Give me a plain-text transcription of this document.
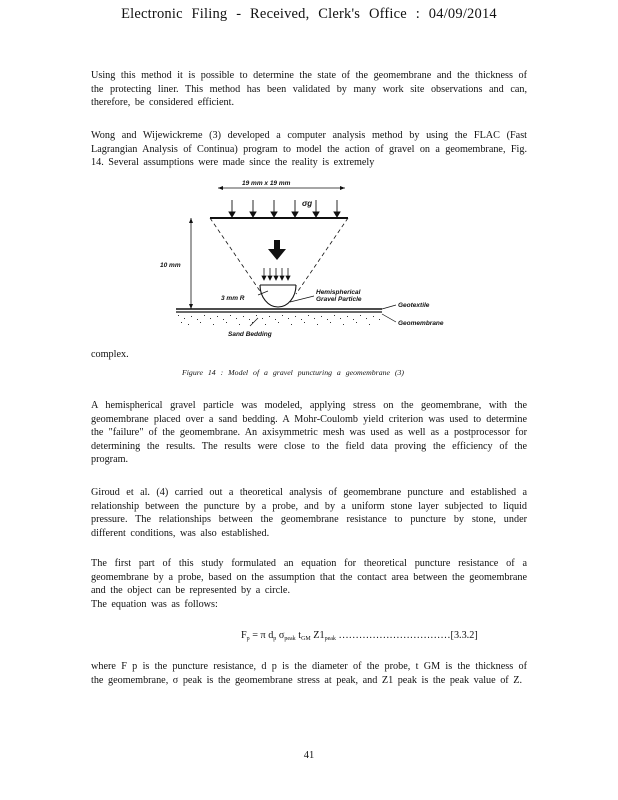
Electronic Filing - Received, Clerk's Office : 04/09/2014

Using this method it is possible to determine the state of the geomembrane and the thickness of the protecting liner. This method has been validated by many work site observations and can, therefore, be considered efficient.

Wong and Wijewickreme (3) developed a computer analysis method by using the FLAC (Fast Lagrangian Analysis of Continua) program to model the action of gravel on a geomembrane, Fig. 14. Several assumptions were made since the reality is extremely

19 mm x 19 mm
σg
3 mm R
10 mm
Hemispherical
Gravel Particle
Geotextile
Geomembrane
Sand Bedding
complex.
Figure 14 : Model of a gravel puncturing a geomembrane (3)

A hemispherical gravel particle was modeled, applying stress on the geomembrane, with the geomembrane placed over a sand bedding. A Mohr-Coulomb yield criterion was used to determine the "failure" of the geomembrane. An axisymmetric mesh was used as well as a postprocessor for determining the results. The results were close to the field data proving the efficiency of the program.

Giroud et al. (4) carried out a theoretical analysis of geomembrane puncture and established a relationship between the puncture by a probe, and by a uniform stone layer subjected to liquid pressure. The relationships between the geomembrane resistance to puncture by stone, under different conditions, was also established.

The first part of this study formulated an equation for theoretical puncture resistance of a geomembrane by a probe, based on the assumption that the contact area between the geomembrane and the object can be represented by a circle.
The equation was as follows:
$F_p = \pi$ $d_p$ $\sigma_{peak}$ $t_{GM}$ $Z1_{peak}$ ……………………………[3.3.2]

where F p is the puncture resistance, d p is the diameter of the probe, t GM is the thickness of the geomembrane, σ peak is the geomembrane stress at peak, and Z1 peak is the peak value of Z.

41
